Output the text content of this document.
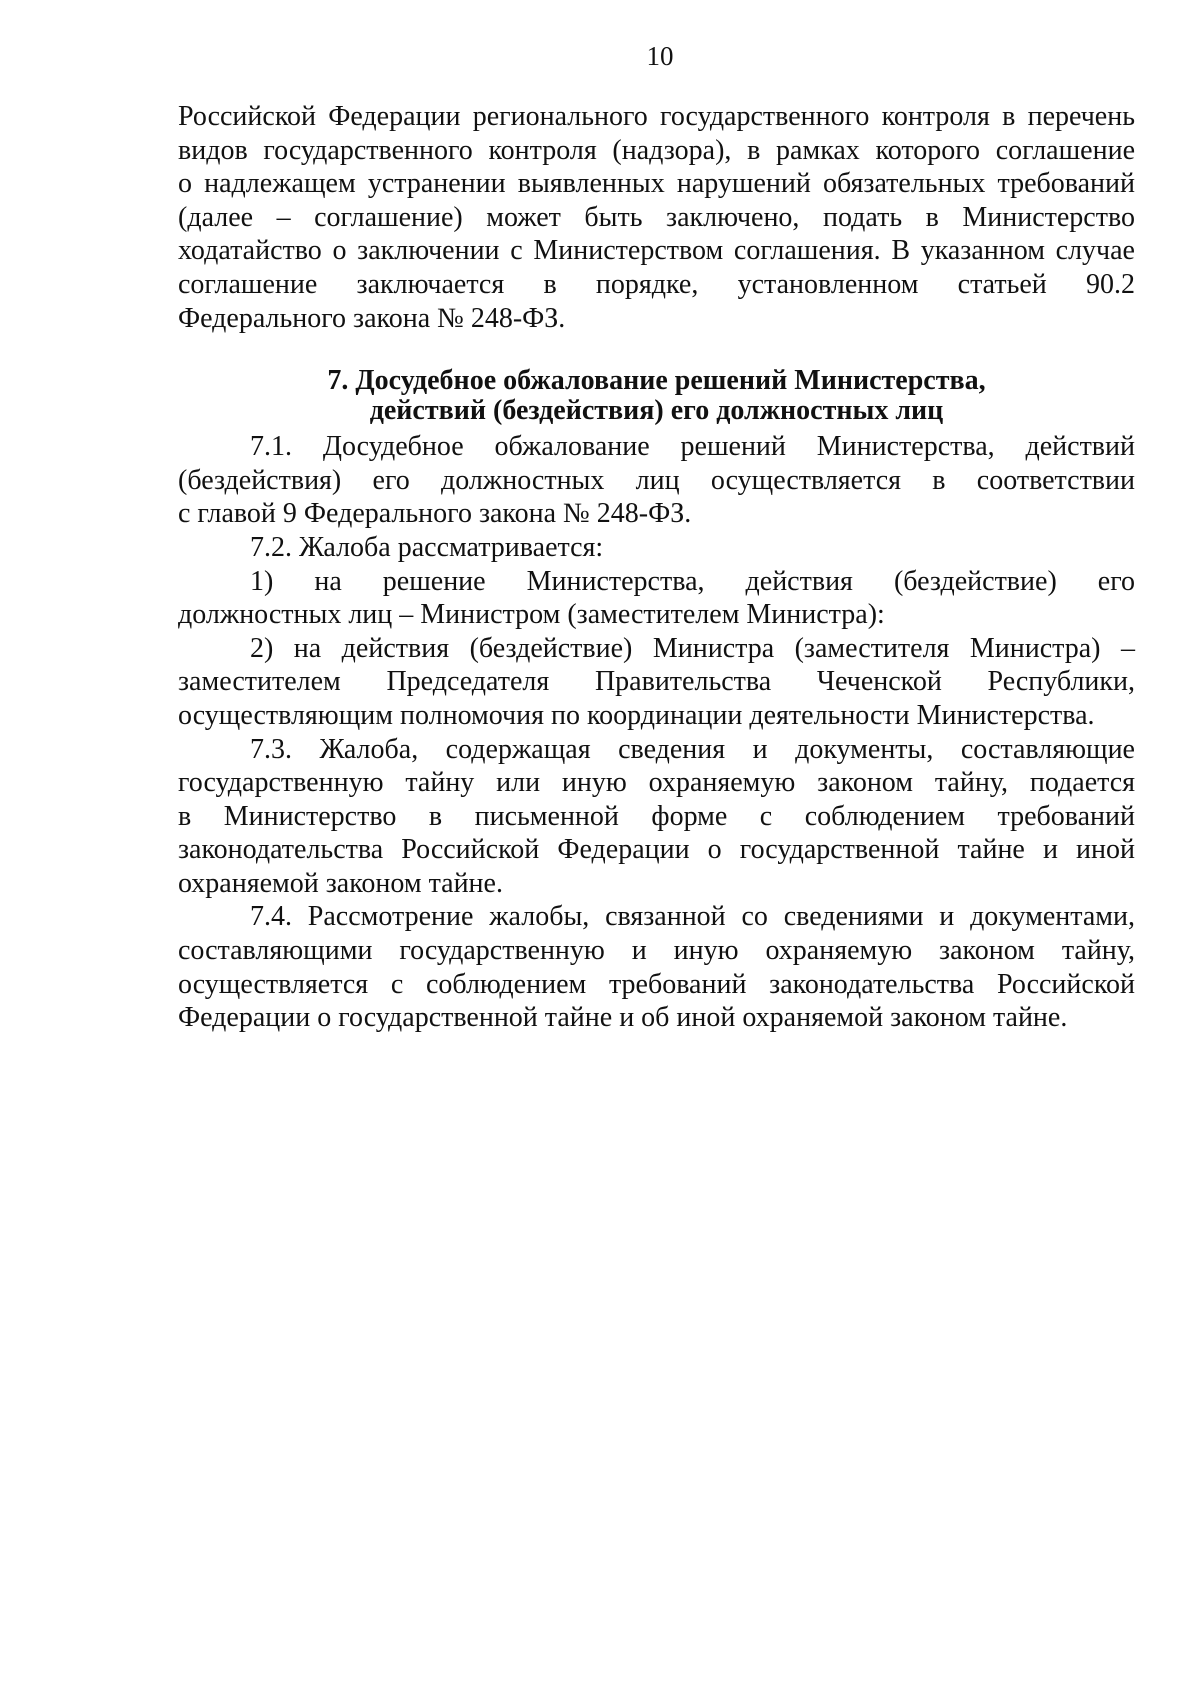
10

Российской Федерации регионального государственного контроля в перечень
видов государственного контроля (надзора), в рамках которого соглашение
о надлежащем устранении выявленных нарушений обязательных требований
(далее – соглашение) может быть заключено, подать в Министерство
ходатайство о заключении с Министерством соглашения. В указанном случае
соглашение заключается в порядке, установленном статьей 90.2
Федерального закона № 248-ФЗ.

7. Досудебное обжалование решений Министерства,
действий (бездействия) его должностных лиц

7.1. Досудебное обжалование решений Министерства, действий
(бездействия) его должностных лиц осуществляется в соответствии
с главой 9 Федерального закона № 248-ФЗ.

7.2. Жалоба рассматривается:

1) на решение Министерства, действия (бездействие) его
должностных лиц – Министром (заместителем Министра):

2) на действия (бездействие) Министра (заместителя Министра) –
заместителем Председателя Правительства Чеченской Республики,
осуществляющим полномочия по координации деятельности Министерства.

7.3. Жалоба, содержащая сведения и документы, составляющие
государственную тайну или иную охраняемую законом тайну, подается
в Министерство в письменной форме с соблюдением требований
законодательства Российской Федерации о государственной тайне и иной
охраняемой законом тайне.

7.4. Рассмотрение жалобы, связанной со сведениями и документами,
составляющими государственную и иную охраняемую законом тайну,
осуществляется с соблюдением требований законодательства Российской
Федерации о государственной тайне и об иной охраняемой законом тайне.
